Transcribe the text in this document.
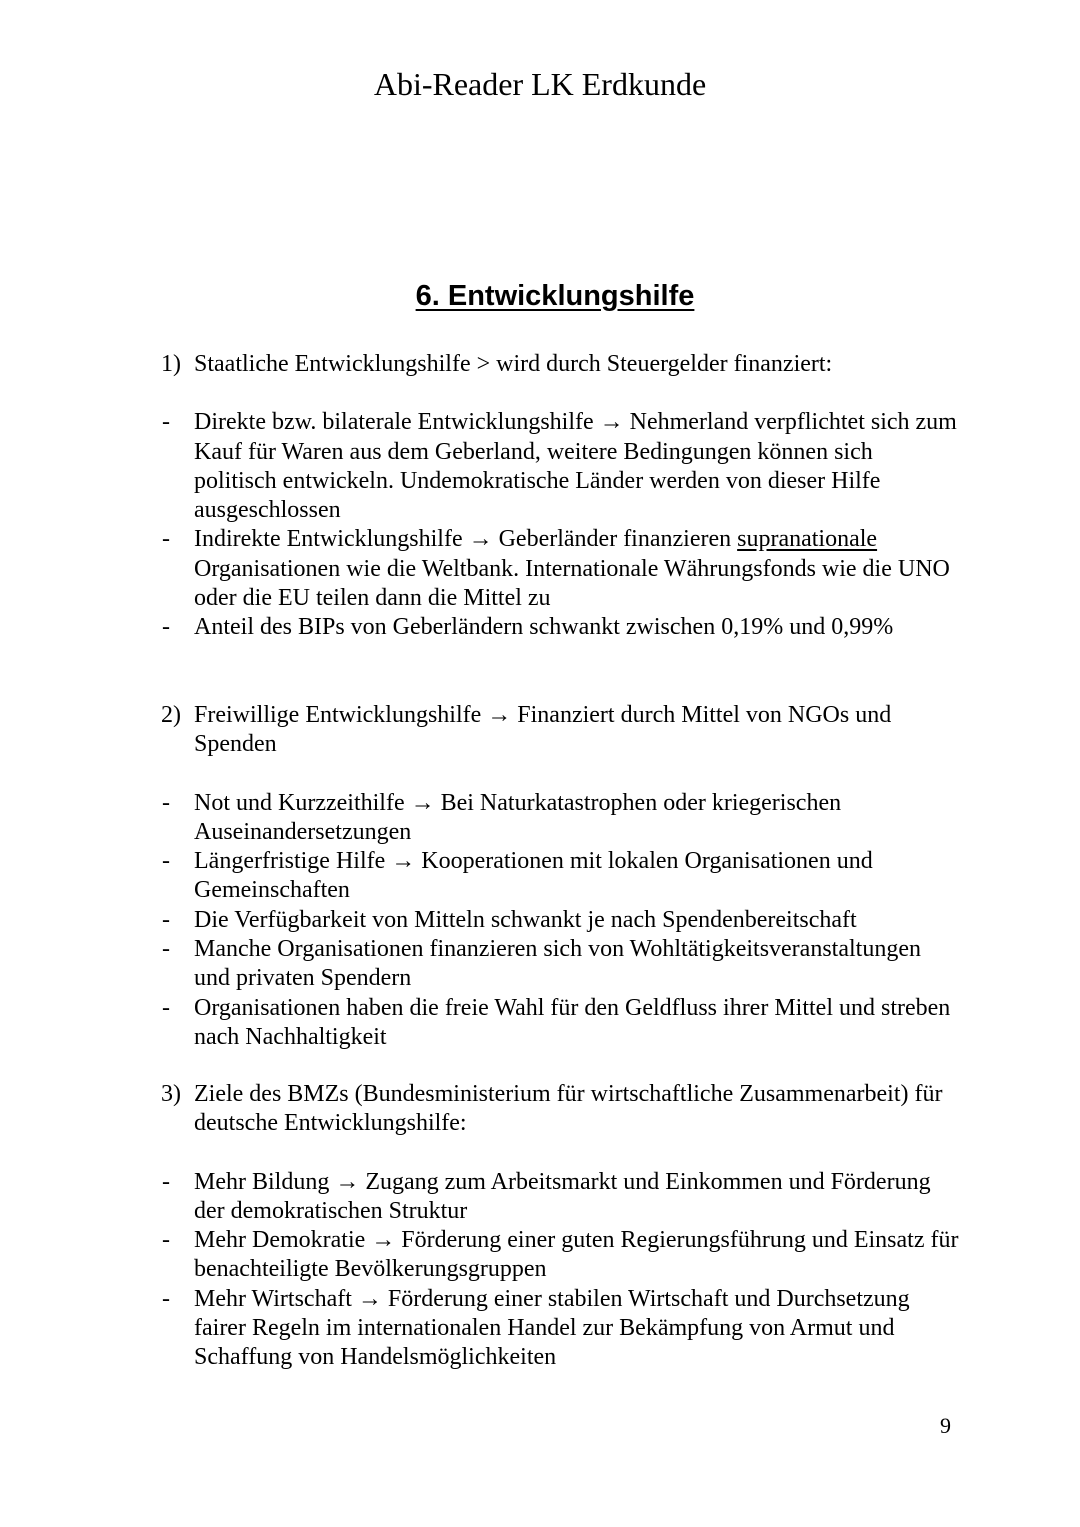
Abi-Reader LK Erdkunde
6. Entwicklungshilfe

1) Staatliche Entwicklungshilfe > wird durch Steuergelder finanziert:

-	Direkte bzw. bilaterale Entwicklungshilfe → Nehmerland verpflichtet sich zum Kauf für Waren aus dem Geberland, weitere Bedingungen können sich politisch entwickeln. Undemokratische Länder werden von dieser Hilfe ausgeschlossen
-	Indirekte Entwicklungshilfe → Geberländer finanzieren supranationale Organisationen wie die Weltbank. Internationale Währungsfonds wie die UNO oder die EU teilen dann die Mittel zu
-	Anteil des BIPs von Geberländern schwankt zwischen 0,19% und 0,99%

2) Freiwillige Entwicklungshilfe → Finanziert durch Mittel von NGOs und Spenden

-	Not und Kurzzeithilfe → Bei Naturkatastrophen oder kriegerischen Auseinandersetzungen
-	Längerfristige Hilfe → Kooperationen mit lokalen Organisationen und Gemeinschaften
-	Die Verfügbarkeit von Mitteln schwankt je nach Spendenbereitschaft
-	Manche Organisationen finanzieren sich von Wohltätigkeitsveranstaltungen und privaten Spendern
-	Organisationen haben die freie Wahl für den Geldfluss ihrer Mittel und streben nach Nachhaltigkeit

3) Ziele des BMZs (Bundesministerium für wirtschaftliche Zusammenarbeit) für deutsche Entwicklungshilfe:

-	Mehr Bildung → Zugang zum Arbeitsmarkt und Einkommen und Förderung der demokratischen Struktur
-	Mehr Demokratie → Förderung einer guten Regierungsführung und Einsatz für benachteiligte Bevölkerungsgruppen
-	Mehr Wirtschaft → Förderung einer stabilen Wirtschaft und Durchsetzung fairer Regeln im internationalen Handel zur Bekämpfung von Armut und Schaffung von Handelsmöglichkeiten
9
